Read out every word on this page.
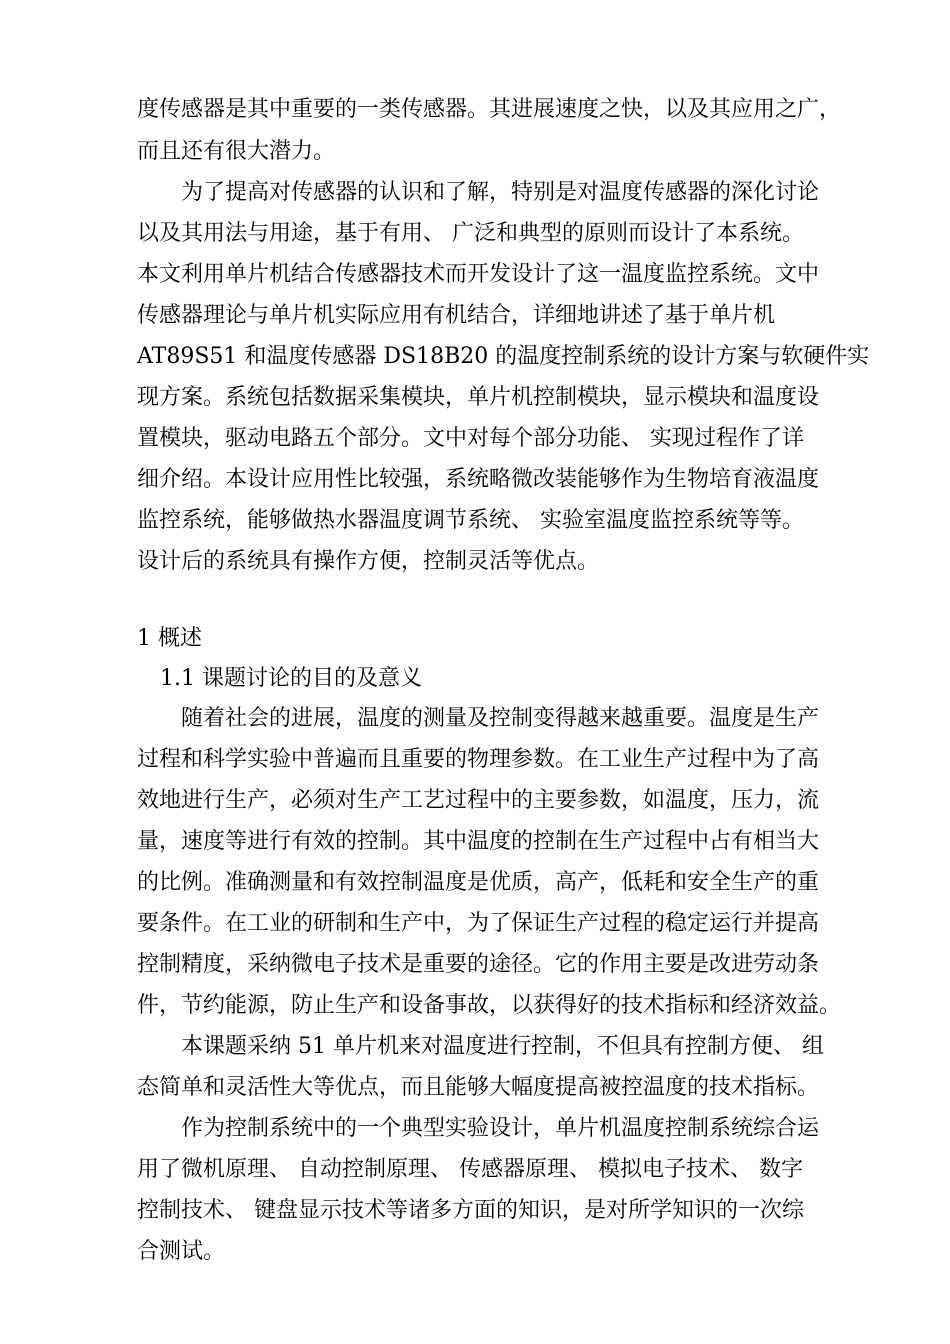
度传感器是其中重要的一类传感器。其进展速度之快，以及其应用之广，
而且还有很大潜力。
为了提高对传感器的认识和了解，特别是对温度传感器的深化讨论
以及其用法与用途，基于有用、 广泛和典型的原则而设计了本系统。
本文利用单片机结合传感器技术而开发设计了这一温度监控系统。文中
传感器理论与单片机实际应用有机结合，详细地讲述了基于单片机
AT89S51 和温度传感器 DS18B20 的温度控制系统的设计方案与软硬件实
现方案。系统包括数据采集模块，单片机控制模块，显示模块和温度设
置模块，驱动电路五个部分。文中对每个部分功能、 实现过程作了详
细介绍。本设计应用性比较强，系统略微改装能够作为生物培育液温度
监控系统，能够做热水器温度调节系统、 实验室温度监控系统等等。
设计后的系统具有操作方便，控制灵活等优点。
1 概述
1.1 课题讨论的目的及意义
随着社会的进展，温度的测量及控制变得越来越重要。温度是生产
过程和科学实验中普遍而且重要的物理参数。在工业生产过程中为了高
效地进行生产，必须对生产工艺过程中的主要参数，如温度，压力，流
量，速度等进行有效的控制。其中温度的控制在生产过程中占有相当大
的比例。准确测量和有效控制温度是优质，高产，低耗和安全生产的重
要条件。在工业的研制和生产中，为了保证生产过程的稳定运行并提高
控制精度，采纳微电子技术是重要的途径。它的作用主要是改进劳动条
件，节约能源，防止生产和设备事故，以获得好的技术指标和经济效益。
本课题采纳 51 单片机来对温度进行控制，不但具有控制方便、 组
态简单和灵活性大等优点，而且能够大幅度提高被控温度的技术指标。
作为控制系统中的一个典型实验设计，单片机温度控制系统综合运
用了微机原理、 自动控制原理、 传感器原理、 模拟电子技术、 数字
控制技术、 键盘显示技术等诸多方面的知识，是对所学知识的一次综
合测试。
